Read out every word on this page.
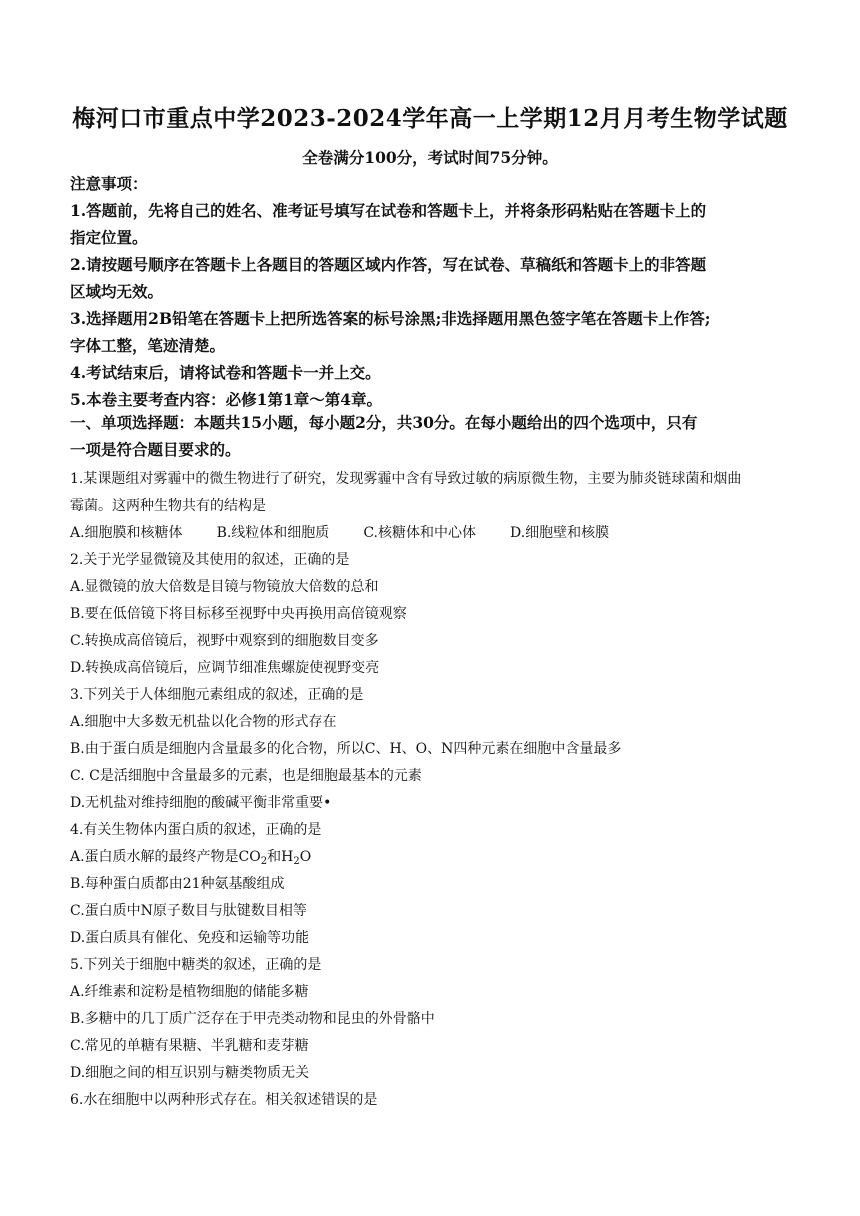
梅河口市重点中学2023-2024学年高一上学期12月月考生物学试题
全卷满分100分，考试时间75分钟。
注意事项：
1.答题前，先将自己的姓名、准考证号填写在试卷和答题卡上，并将条形码粘贴在答题卡上的
指定位置。
2.请按题号顺序在答题卡上各题目的答题区域内作答，写在试卷、草稿纸和答题卡上的非答题
区域均无效。
3.选择题用2B铅笔在答题卡上把所选答案的标号涂黑;非选择题用黑色签字笔在答题卡上作答;
字体工整，笔迹清楚。
4.考试结束后，请将试卷和答题卡一并上交。
5.本卷主要考查内容：必修1第1章～第4章。
一、单项选择题：本题共15小题，每小题2分，共30分。在每小题给出的四个选项中，只有
一项是符合题目要求的。
1.某课题组对雾霾中的微生物进行了研究，发现雾霾中含有导致过敏的病原微生物，主要为肺炎链球菌和烟曲
霉菌。这两种生物共有的结构是
A.细胞膜和核糖体 B.线粒体和细胞质 C.核糖体和中心体 D.细胞壁和核膜
2.关于光学显微镜及其使用的叙述，正确的是
A.显微镜的放大倍数是目镜与物镜放大倍数的总和
B.要在低倍镜下将目标移至视野中央再换用高倍镜观察
C.转换成高倍镜后，视野中观察到的细胞数目变多
D.转换成高倍镜后，应调节细准焦螺旋使视野变亮
3.下列关于人体细胞元素组成的叙述，正确的是
A.细胞中大多数无机盐以化合物的形式存在
B.由于蛋白质是细胞内含量最多的化合物，所以C、H、O、N四种元素在细胞中含量最多
C. C是活细胞中含量最多的元素，也是细胞最基本的元素
D.无机盐对维持细胞的酸碱平衡非常重要•
4.有关生物体内蛋白质的叙述，正确的是
A.蛋白质水解的最终产物是$CO_2$和$H_2O$
B.每种蛋白质都由21种氨基酸组成
C.蛋白质中N原子数目与肽键数目相等
D.蛋白质具有催化、免疫和运输等功能
5.下列关于细胞中糖类的叙述，正确的是
A.纤维素和淀粉是植物细胞的储能多糖
B.多糖中的几丁质广泛存在于甲壳类动物和昆虫的外骨骼中
C.常见的单糖有果糖、半乳糖和麦芽糖
D.细胞之间的相互识别与糖类物质无关
6.水在细胞中以两种形式存在。相关叙述错误的是
